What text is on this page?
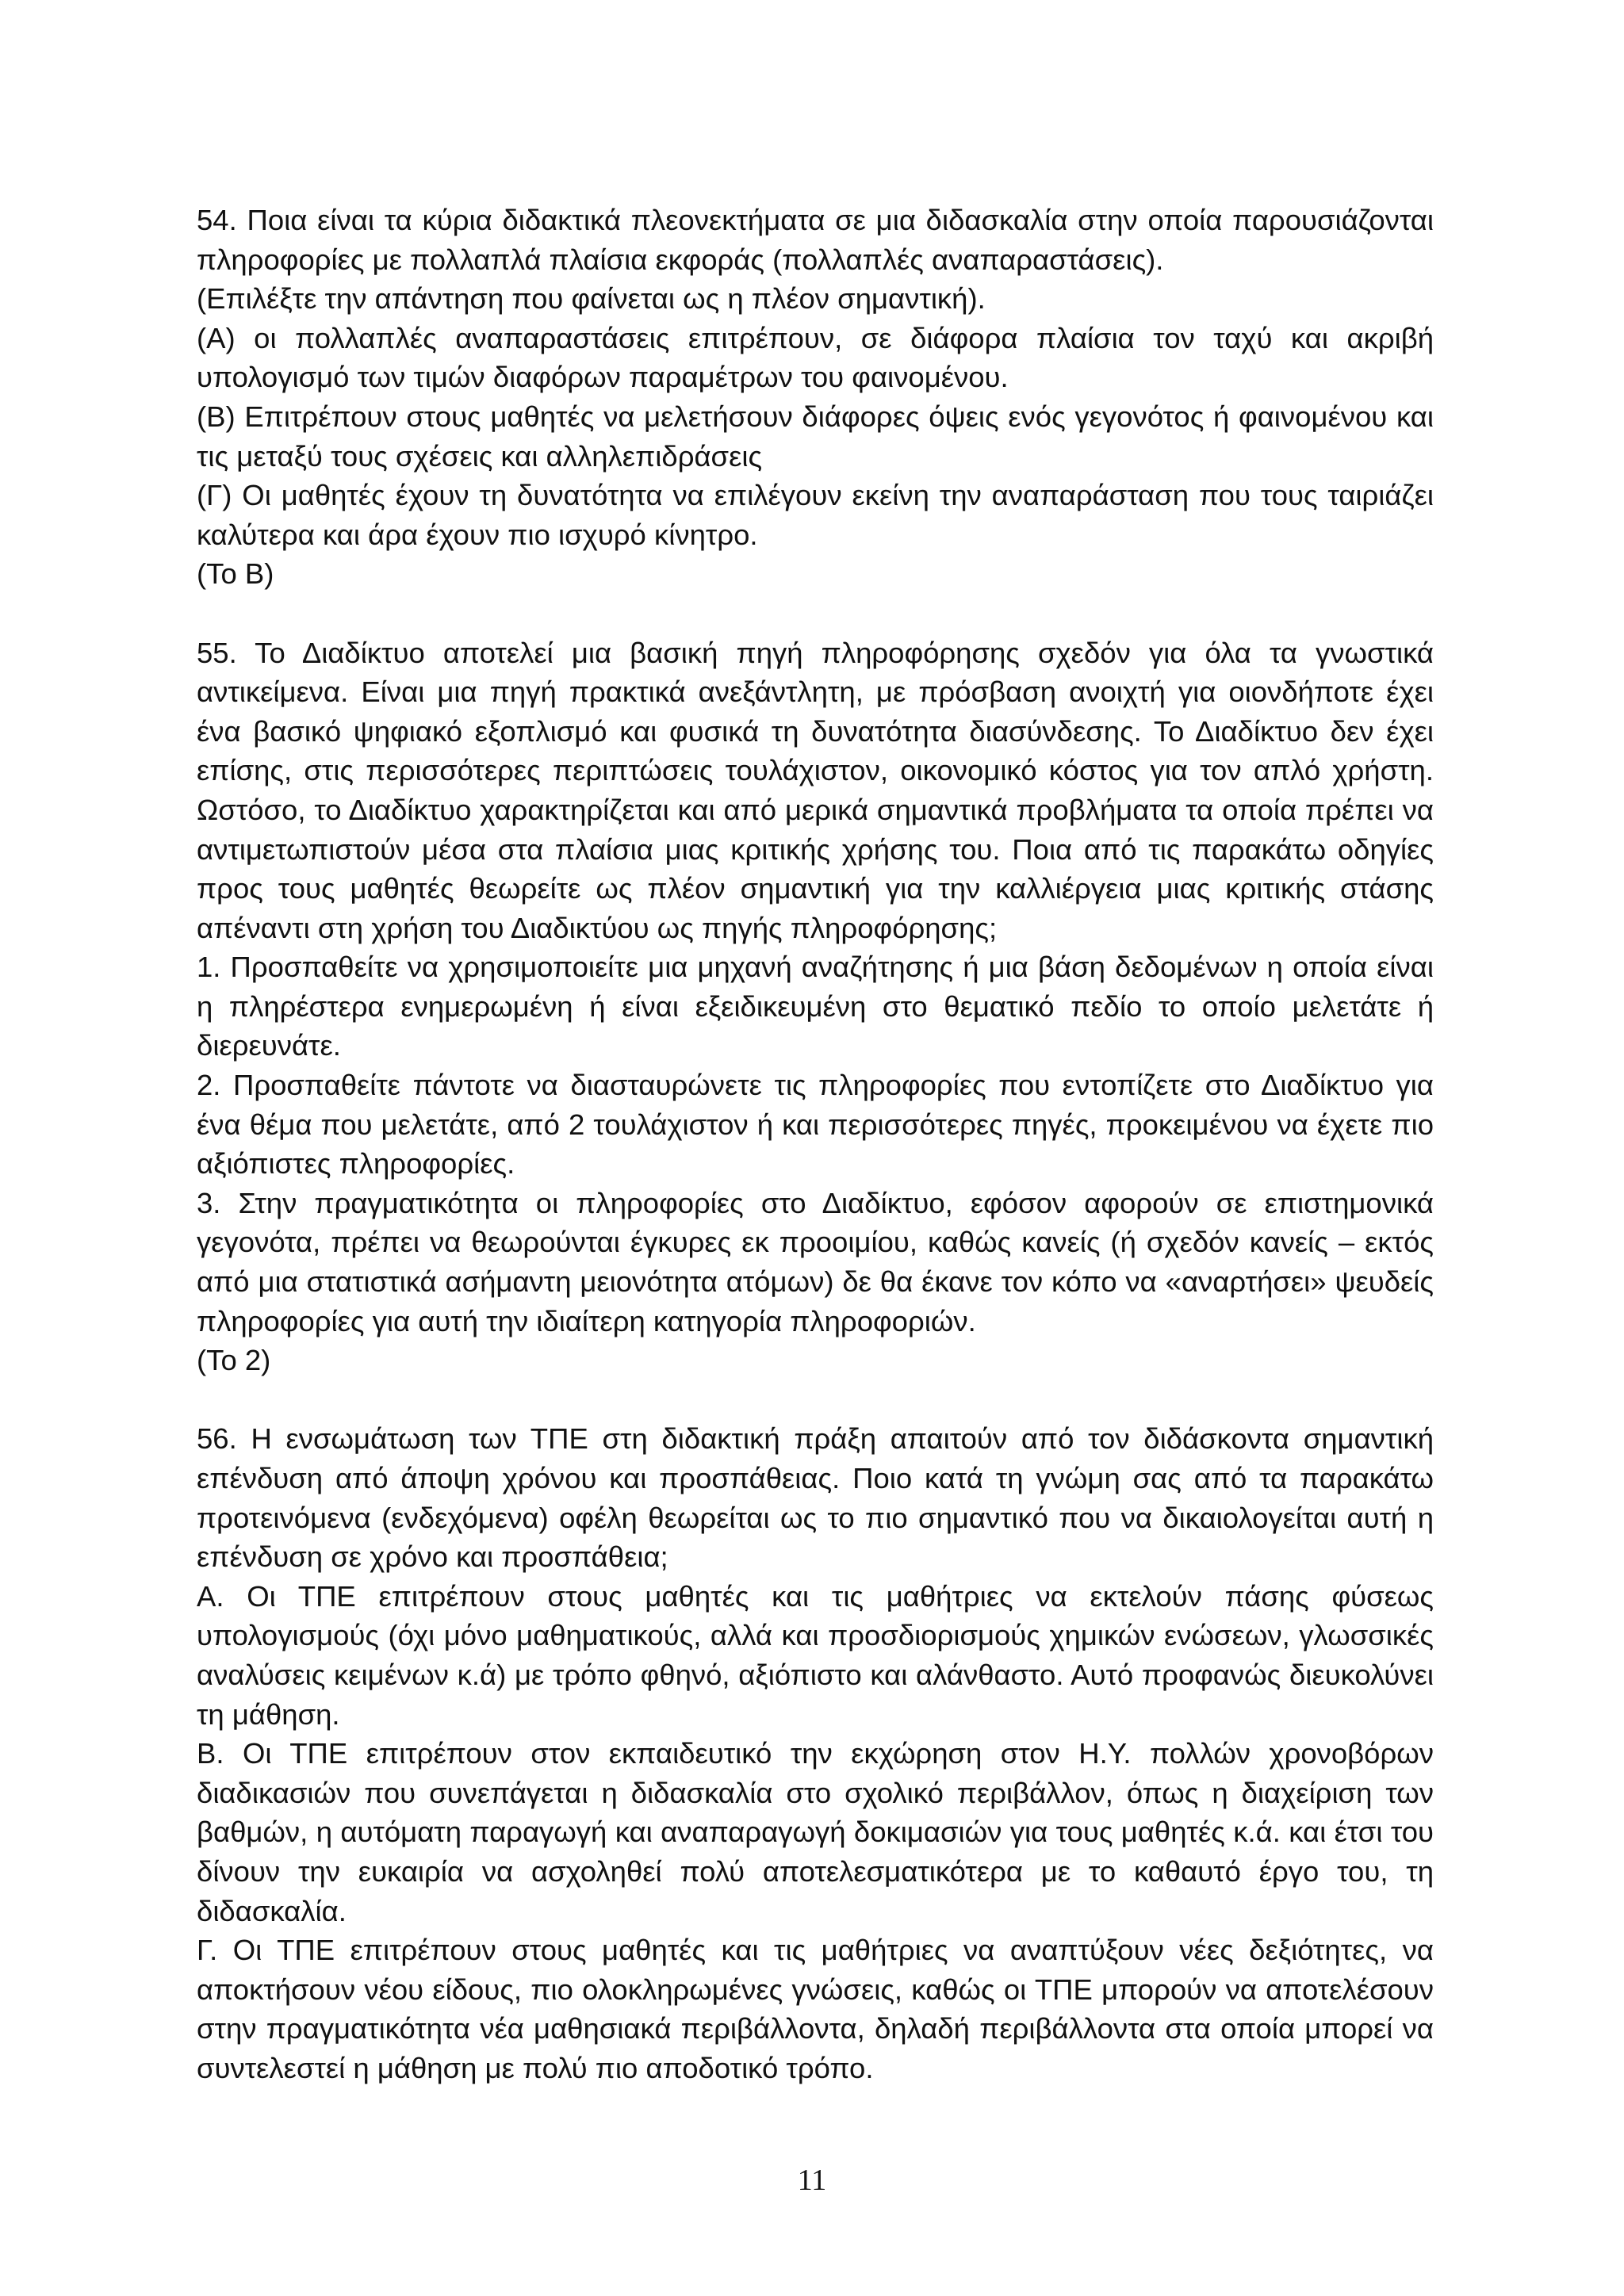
54. Ποια είναι τα κύρια διδακτικά πλεονεκτήματα σε μια διδασκαλία στην οποία παρουσιάζονται πληροφορίες με πολλαπλά πλαίσια εκφοράς (πολλαπλές αναπαραστάσεις).

(Επιλέξτε την απάντηση που φαίνεται ως η πλέον σημαντική).

(Α) οι πολλαπλές αναπαραστάσεις επιτρέπουν, σε διάφορα πλαίσια τον ταχύ και ακριβή υπολογισμό των τιμών διαφόρων παραμέτρων του φαινομένου.

(Β) Επιτρέπουν στους μαθητές να μελετήσουν διάφορες όψεις ενός γεγονότος ή φαινομένου και τις μεταξύ τους σχέσεις και αλληλεπιδράσεις

(Γ) Οι μαθητές έχουν τη δυνατότητα να επιλέγουν εκείνη την αναπαράσταση που τους ταιριάζει καλύτερα και άρα έχουν πιο ισχυρό κίνητρο.

(Το Β)

55. Το Διαδίκτυο αποτελεί μια βασική πηγή πληροφόρησης σχεδόν για όλα τα γνωστικά αντικείμενα. Είναι μια πηγή πρακτικά ανεξάντλητη, με πρόσβαση ανοιχτή για οιονδήποτε έχει ένα βασικό ψηφιακό εξοπλισμό και φυσικά τη δυνατότητα διασύνδεσης. Το Διαδίκτυο δεν έχει επίσης, στις περισσότερες περιπτώσεις τουλάχιστον, οικονομικό κόστος για τον απλό χρήστη. Ωστόσο, το Διαδίκτυο χαρακτηρίζεται και από μερικά σημαντικά προβλήματα τα οποία πρέπει να αντιμετωπιστούν μέσα στα πλαίσια μιας κριτικής χρήσης του. Ποια από τις παρακάτω οδηγίες προς τους μαθητές θεωρείτε ως πλέον σημαντική για την καλλιέργεια μιας κριτικής στάσης απέναντι στη χρήση του Διαδικτύου ως πηγής πληροφόρησης;

1. Προσπαθείτε να χρησιμοποιείτε μια μηχανή αναζήτησης ή μια βάση δεδομένων η οποία είναι η πληρέστερα ενημερωμένη ή είναι εξειδικευμένη στο θεματικό πεδίο το οποίο μελετάτε ή διερευνάτε.

2. Προσπαθείτε πάντοτε να διασταυρώνετε τις πληροφορίες που εντοπίζετε στο Διαδίκτυο για ένα θέμα που μελετάτε, από 2 τουλάχιστον ή και περισσότερες πηγές, προκειμένου να έχετε πιο αξιόπιστες πληροφορίες.

3. Στην πραγματικότητα οι πληροφορίες στο Διαδίκτυο, εφόσον αφορούν σε επιστημονικά γεγονότα, πρέπει να θεωρούνται έγκυρες εκ προοιμίου, καθώς κανείς (ή σχεδόν κανείς – εκτός από μια στατιστικά ασήμαντη μειονότητα ατόμων) δε θα έκανε τον κόπο να «αναρτήσει» ψευδείς πληροφορίες για αυτή την ιδιαίτερη κατηγορία πληροφοριών.

(Το 2)

56. Η ενσωμάτωση των ΤΠΕ στη διδακτική πράξη απαιτούν από τον διδάσκοντα σημαντική επένδυση από άποψη χρόνου και προσπάθειας. Ποιο κατά τη γνώμη σας από τα παρακάτω προτεινόμενα (ενδεχόμενα) οφέλη θεωρείται ως το πιο σημαντικό που να δικαιολογείται αυτή η επένδυση σε χρόνο και προσπάθεια;

Α. Οι ΤΠΕ επιτρέπουν στους μαθητές και τις μαθήτριες να εκτελούν πάσης φύσεως υπολογισμούς (όχι μόνο μαθηματικούς, αλλά και προσδιορισμούς χημικών ενώσεων, γλωσσικές αναλύσεις κειμένων κ.ά) με τρόπο φθηνό, αξιόπιστο και αλάνθαστο. Αυτό προφανώς διευκολύνει τη μάθηση.

Β. Οι ΤΠΕ επιτρέπουν στον εκπαιδευτικό την εκχώρηση στον Η.Υ. πολλών χρονοβόρων διαδικασιών που συνεπάγεται η διδασκαλία στο σχολικό περιβάλλον, όπως η διαχείριση των βαθμών, η αυτόματη παραγωγή και αναπαραγωγή δοκιμασιών για τους μαθητές κ.ά. και έτσι του δίνουν την ευκαιρία να ασχοληθεί πολύ αποτελεσματικότερα με το καθαυτό έργο του, τη διδασκαλία.

Γ. Οι ΤΠΕ επιτρέπουν στους μαθητές και τις μαθήτριες να αναπτύξουν νέες δεξιότητες, να αποκτήσουν νέου είδους, πιο ολοκληρωμένες γνώσεις, καθώς οι ΤΠΕ μπορούν να αποτελέσουν στην πραγματικότητα νέα μαθησιακά περιβάλλοντα, δηλαδή περιβάλλοντα στα οποία μπορεί να συντελεστεί η μάθηση με πολύ πιο αποδοτικό τρόπο.

11
